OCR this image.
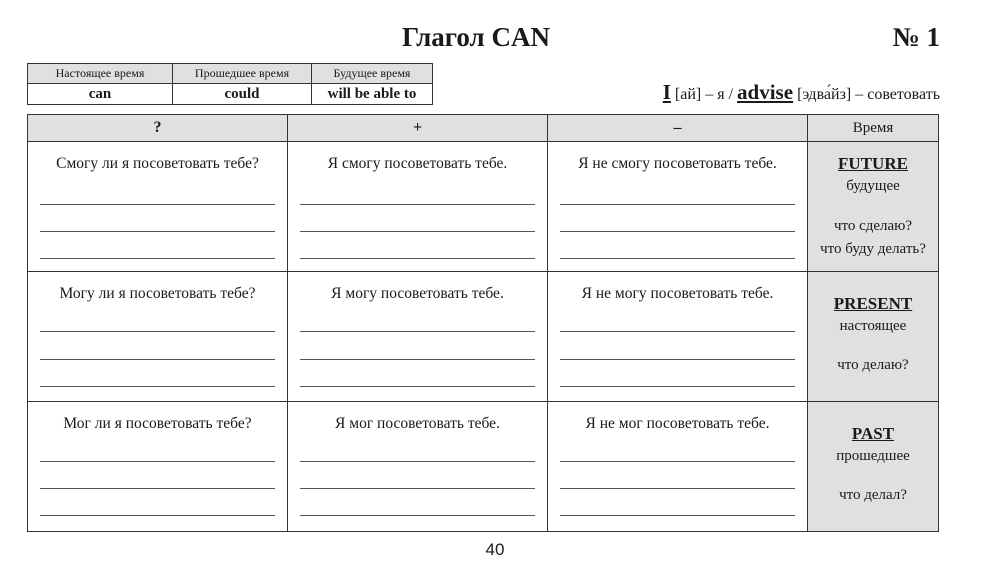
Глагол CAN	№ 1
Настоящее время	Прошедшее время	Будущее время
can	could	will be able to	I [ай] – я / advise [эдва́йз] – советовать
?	+	–	Время

Смогу ли я посоветовать тебе?	Я смогу посоветовать тебе.	Я не смогу посоветовать тебе.	FUTURE
будущее
что сделаю?
что буду делать?

Могу ли я посоветовать тебе?	Я могу посоветовать тебе.	Я не могу посоветовать тебе.	PRESENT
настоящее
что делаю?

Мог ли я посоветовать тебе?	Я мог посоветовать тебе.	Я не мог посоветовать тебе.	PAST
прошедшее
что делал?
40
